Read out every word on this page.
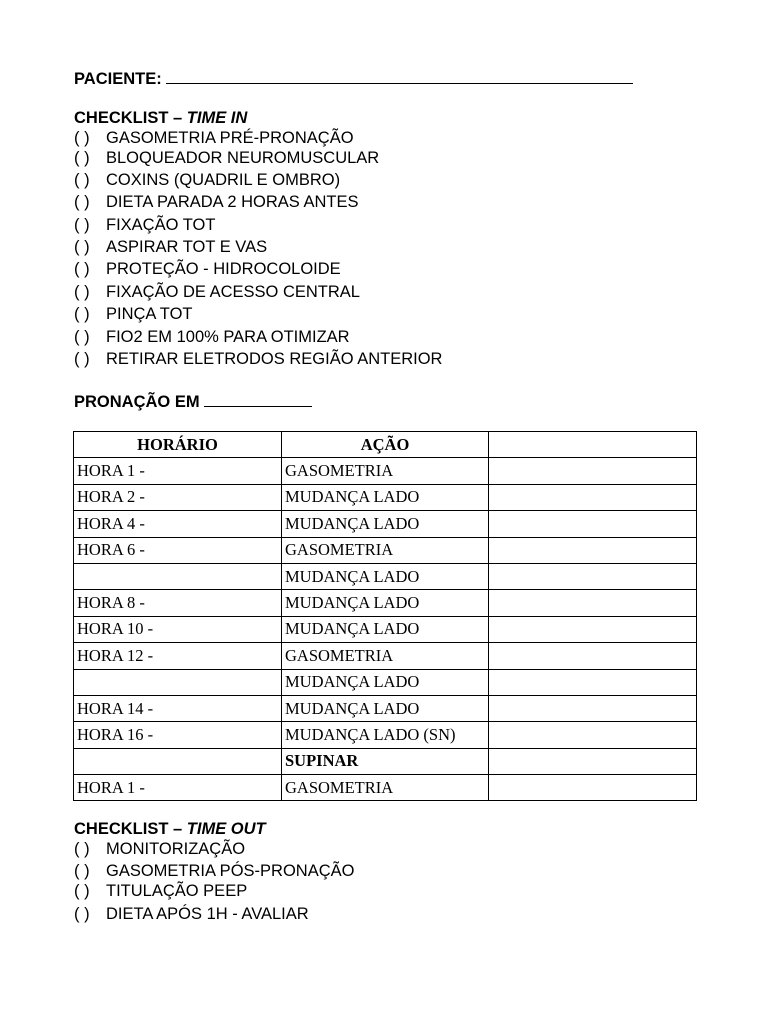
PACIENTE:
CHECKLIST – TIME IN
( ) GASOMETRIA PRÉ-PRONAÇÃO
( ) BLOQUEADOR NEUROMUSCULAR
( ) COXINS (QUADRIL E OMBRO)
( ) DIETA PARADA 2 HORAS ANTES
( ) FIXAÇÃO TOT
( ) ASPIRAR TOT E VAS
( ) PROTEÇÃO - HIDROCOLOIDE
( ) FIXAÇÃO DE ACESSO CENTRAL
( ) PINÇA TOT
( ) FIO2 EM 100% PARA OTIMIZAR
( ) RETIRAR ELETRODOS REGIÃO ANTERIOR
PRONAÇÃO EM
HORÁRIO	AÇÃO	
HORA 1 -	GASOMETRIA	
HORA 2 -	MUDANÇA LADO	
HORA 4 -	MUDANÇA LADO	
HORA 6 -	GASOMETRIA	
	MUDANÇA LADO	
HORA 8 -	MUDANÇA LADO	
HORA 10 -	MUDANÇA LADO	
HORA 12 -	GASOMETRIA	
	MUDANÇA LADO	
HORA 14 -	MUDANÇA LADO	
HORA 16 -	MUDANÇA LADO (SN)	
	SUPINAR	
HORA 1 -	GASOMETRIA	
CHECKLIST – TIME OUT
( ) MONITORIZAÇÃO
( ) GASOMETRIA PÓS-PRONAÇÃO
( ) TITULAÇÃO PEEP
( ) DIETA APÓS 1H - AVALIAR
